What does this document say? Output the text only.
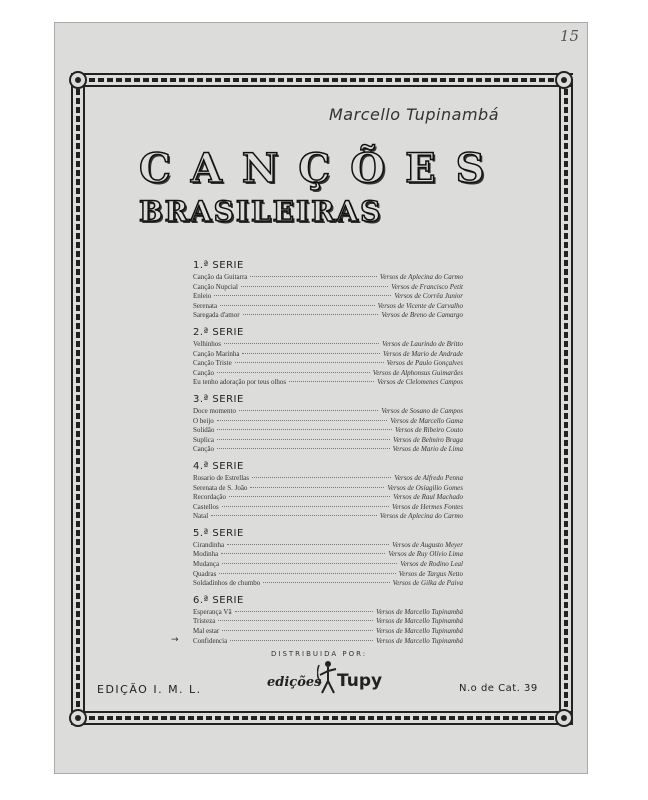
15
Marcello Tupinambá
CANÇÕES
BRASILEIRAS
1.ª SERIE
Canção da Guitarra	Versos de Aplecina do Carmo
Canção Nupcial	Versos de Francisco Petit
Enleio	Versos de Corrêa Junior
Serenata	Versos de Vicente de Carvalho
Saregada d'amor	Versos de Breno de Camargo
2.ª SERIE
Velhinhos	Versos de Laurindo de Britto
Canção Marinha	Versos de Mario de Andrade
Canção Triste	Versos de Paulo Gonçalves
Canção	Versos de Alphonsus Guimarães
Eu tenho adoração por teus olhos	Versos de Clelomenes Campos
3.ª SERIE
Doce momento	Versos de Sosano de Campos
O beijo	Versos de Marcello Gama
Solidão	Versos de Ribeiro Couto
Suplica	Versos de Belmiro Braga
Canção	Versos de Mario de Lima
4.ª SERIE
Rosario de Estrellas	Versos de Alfredo Penna
Serenata de S. João	Versos de Osíagilio Gomes
Recordação	Versos de Raul Machado
Castellos	Versos de Hermes Fontes
Natal	Versos de Aplecina do Carmo
5.ª SERIE
Cirandinha	Versos de Augusto Meyer
Modinha	Versos de Ruy Olívio Lima
Mudança	Versos de Rodino Leal
Quadras	Versos de Targus Netto
Soldadinhos de chumbo	Versos de Gilka de Paiva
6.ª SERIE
Esperança Vã	Versos de Marcello Tupinambá
Tristeza	Versos de Marcello Tupinambá
Mal estar	Versos de Marcello Tupinambá
→ Confidencia	Versos de Marcello Tupinambá
DISTRIBUIDA POR:
edições Tupy
EDIÇÃO I. M. L.	N.o de Cat. 39
